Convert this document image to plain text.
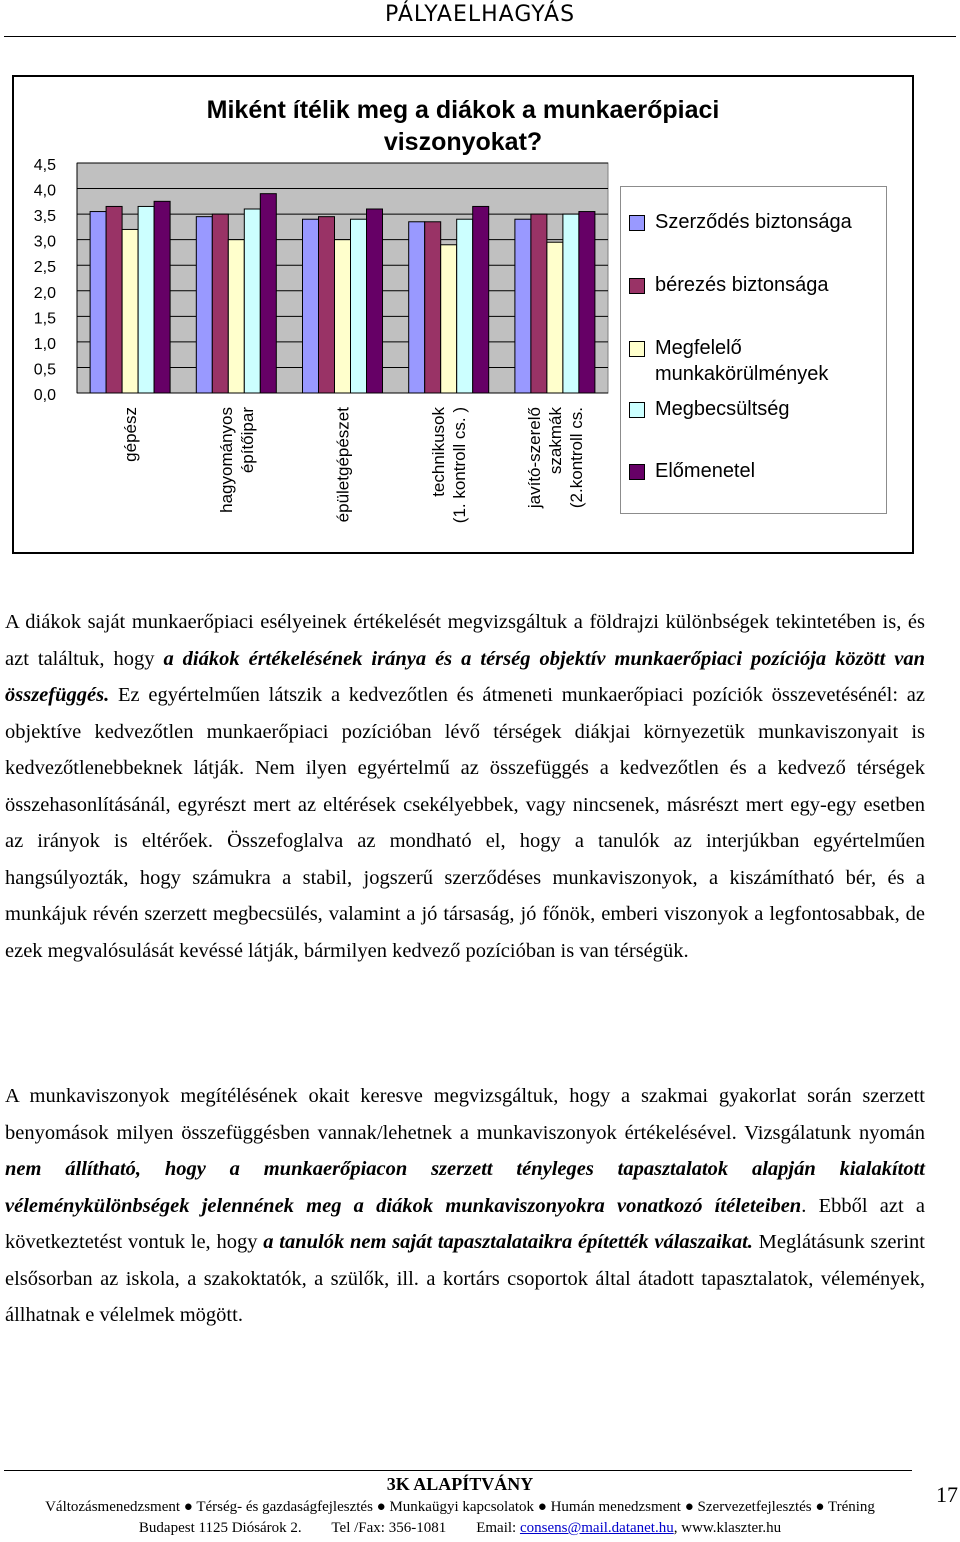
PÁLYAELHAGYÁS
0,0
0,5
1,0
1,5
2,0
2,5
3,0
3,5
4,0
4,5
gépész	hagyományos építőipar	épületgépészet	technikusok (1. kontroll cs. )	javító-szerelő szakmák (2.kontroll cs.
Miként ítélik meg a diákok a munkaerőpiaci
viszonyokat?
Szerződés biztonsága
bérezés biztonsága
Megfelelő
munkakörülmények
Megbecsültség
Előmenetel

A diákok saját munkaerőpiaci esélyeinek értékelését megvizsgáltuk a földrajzi különbségek tekintetében is, és azt találtuk, hogy a diákok értékelésének iránya és a térség objektív munkaerőpiaci pozíciója között van összefüggés. Ez egyértelműen látszik a kedvezőtlen és átmeneti munkaerőpiaci pozíciók összevetésénél: az objektíve kedvezőtlen munkaerőpiaci pozícióban lévő térségek diákjai környezetük munkaviszonyait is kedvezőtlenebbeknek látják. Nem ilyen egyértelmű az összefüggés a kedvezőtlen és a kedvező térségek összehasonlításánál, egyrészt mert az eltérések csekélyebbek, vagy nincsenek, másrészt mert egy-egy esetben az irányok is eltérőek. Összefoglalva az mondható el, hogy a tanulók az interjúkban egyértelműen hangsúlyozták, hogy számukra a stabil, jogszerű szerződéses munkaviszonyok, a kiszámítható bér, és a munkájuk révén szerzett megbecsülés, valamint a jó társaság, jó főnök, emberi viszonyok a legfontosabbak, de ezek megvalósulását kevéssé látják, bármilyen kedvező pozícióban is van térségük.

A munkaviszonyok megítélésének okait keresve megvizsgáltuk, hogy a szakmai gyakorlat során szerzett benyomások milyen összefüggésben vannak/lehetnek a munkaviszonyok értékelésével. Vizsgálatunk nyomán nem állítható, hogy a munkaerőpiacon szerzett tényleges tapasztalatok alapján kialakított véleménykülönbségek jelennének meg a diákok munkaviszonyokra vonatkozó ítéleteiben. Ebből azt a következtetést vontuk le, hogy a tanulók nem saját tapasztalataikra építették válaszaikat. Meglátásunk szerint elsősorban az iskola, a szakoktatók, a szülők, ill. a kortárs csoportok által átadott tapasztalatok, vélemények, állhatnak e vélelmek mögött.

3K ALAPÍTVÁNY
Változásmenedzsment ● Térség- és gazdaságfejlesztés ● Munkaügyi kapcsolatok ● Humán menedzsment ● Szervezetfejlesztés ● Tréning
Budapest 1125 Diósárok 2. Tel /Fax: 356-1081 Email: consens@mail.datanet.hu, www.klaszter.hu
17
